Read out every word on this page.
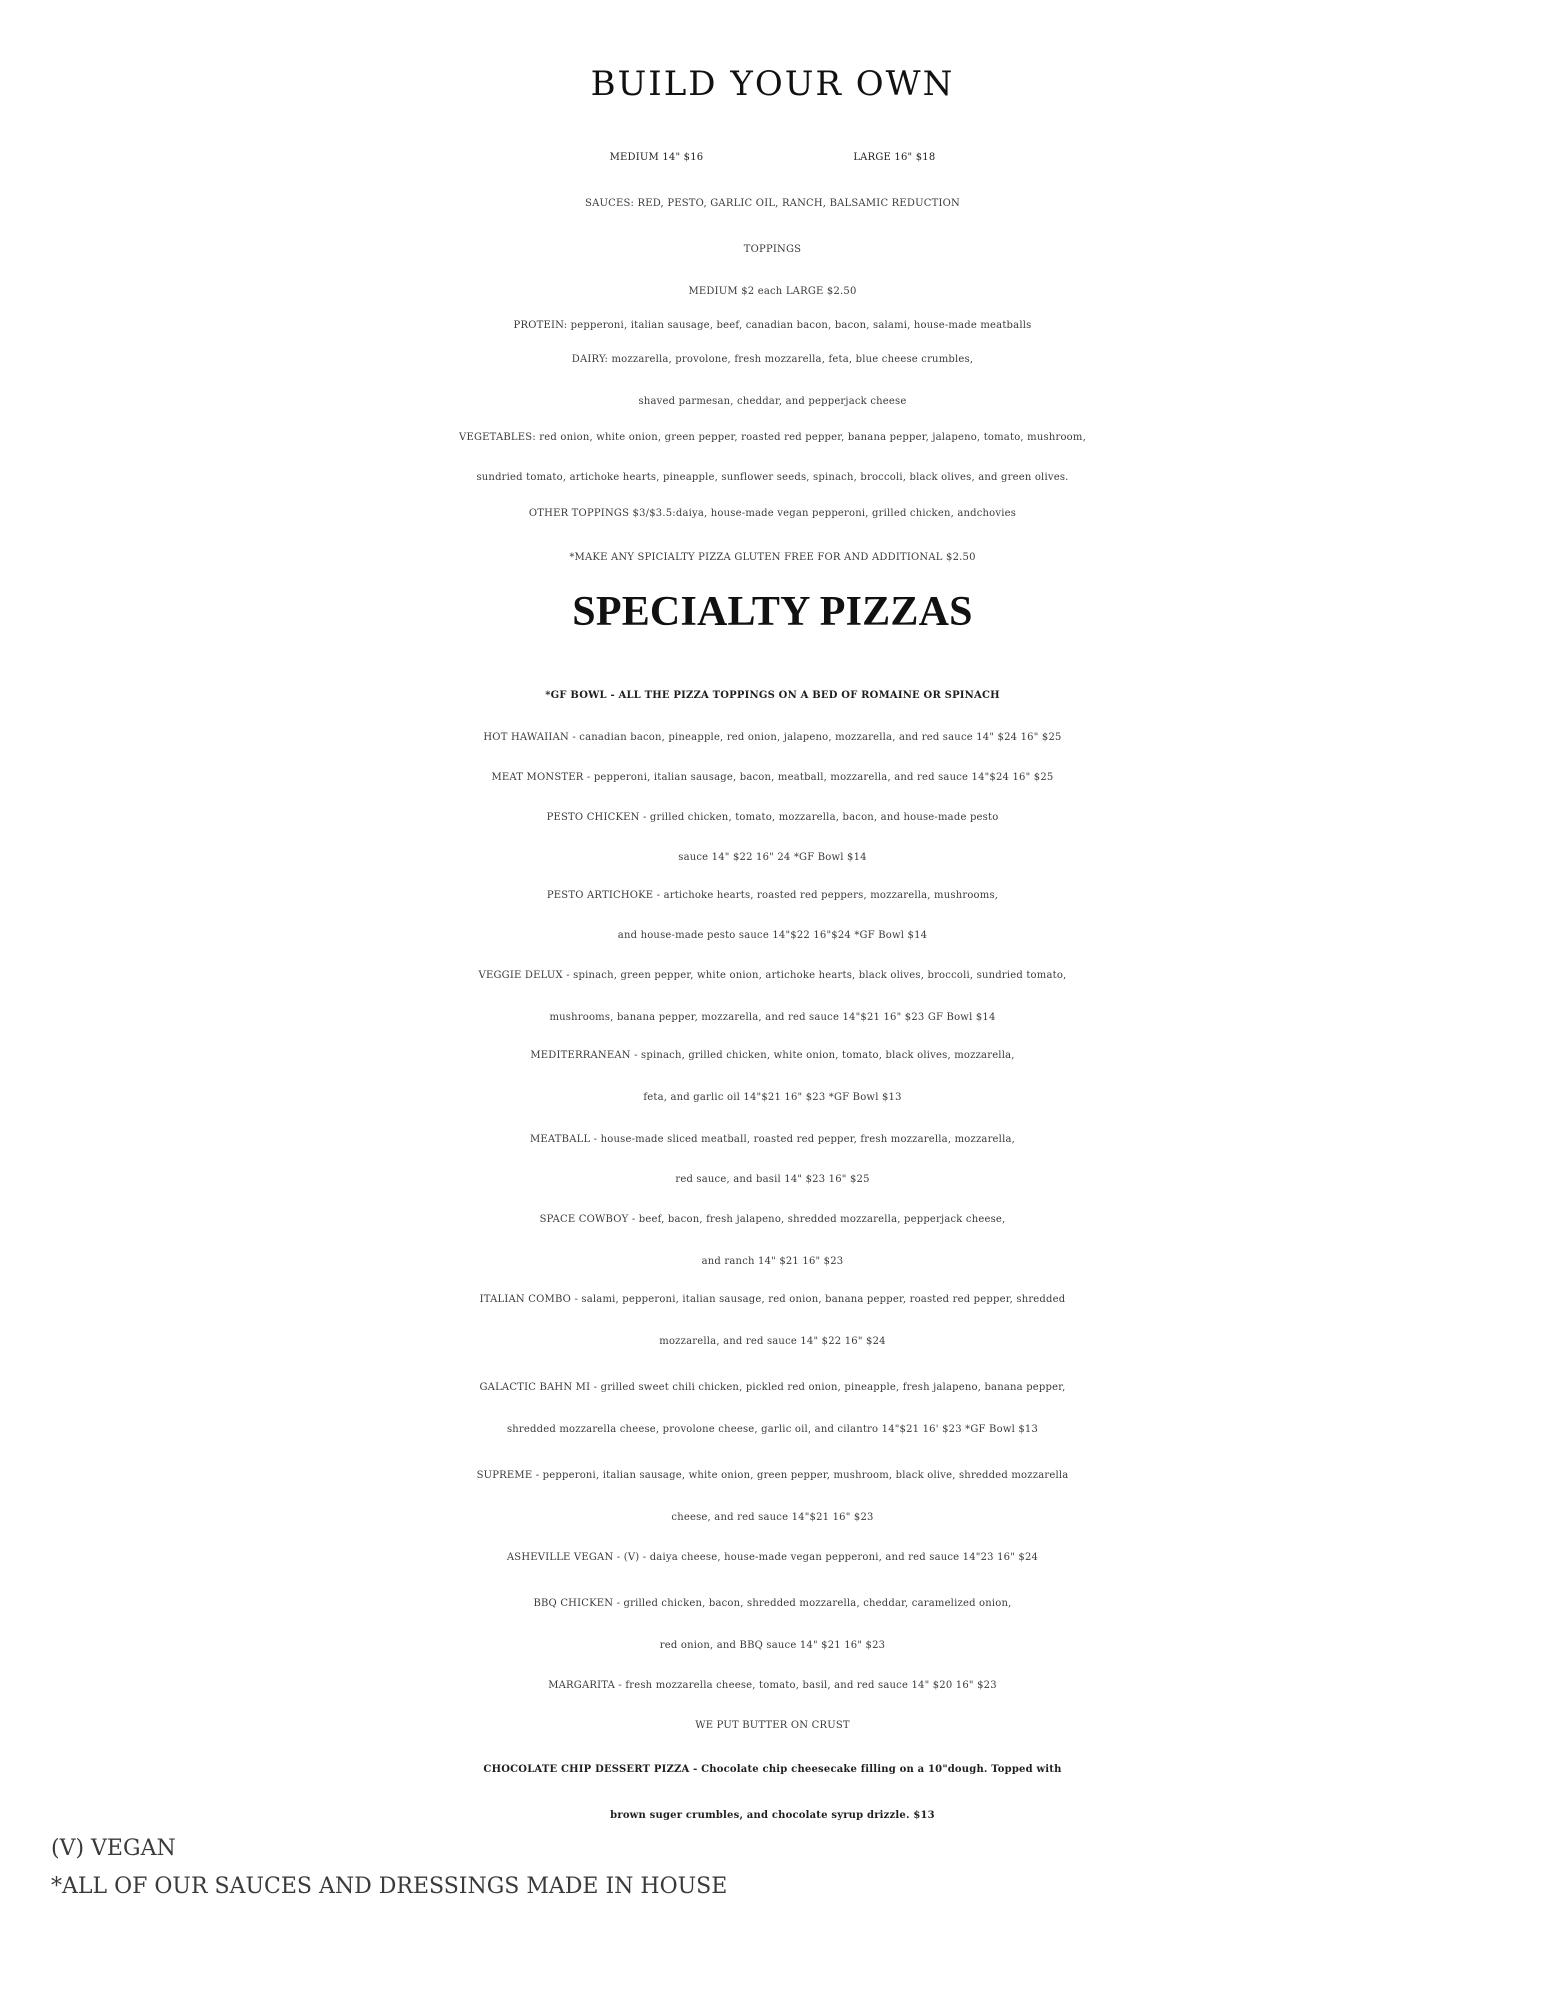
BUILD YOUR OWN
MEDIUM 14" $16	LARGE 16" $18
SAUCES: RED, PESTO, GARLIC OIL, RANCH, BALSAMIC REDUCTION
TOPPINGS
MEDIUM $2 each LARGE $2.50
PROTEIN: pepperoni, italian sausage, beef, canadian bacon, bacon, salami, house-made meatballs
DAIRY: mozzarella, provolone, fresh mozzarella, feta, blue cheese crumbles,
shaved parmesan, cheddar, and pepperjack cheese
VEGETABLES: red onion, white onion, green pepper, roasted red pepper, banana pepper, jalapeno, tomato, mushroom,
sundried tomato, artichoke hearts, pineapple, sunflower seeds, spinach, broccoli, black olives, and green olives.
OTHER TOPPINGS $3/$3.5:daiya, house-made vegan pepperoni, grilled chicken, andchovies
*MAKE ANY SPICIALTY PIZZA GLUTEN FREE FOR AND ADDITIONAL $2.50
SPECIALTY PIZZAS
*GF BOWL - ALL THE PIZZA TOPPINGS ON A BED OF ROMAINE OR SPINACH
HOT HAWAIIAN - canadian bacon, pineapple, red onion, jalapeno, mozzarella, and red sauce 14" $24 16" $25
MEAT MONSTER - pepperoni, italian sausage, bacon, meatball, mozzarella, and red sauce 14"$24 16" $25
PESTO CHICKEN - grilled chicken, tomato, mozzarella, bacon, and house-made pesto
sauce 14" $22 16" 24 *GF Bowl $14
PESTO ARTICHOKE - artichoke hearts, roasted red peppers, mozzarella, mushrooms,
and house-made pesto sauce 14"$22 16"$24 *GF Bowl $14
VEGGIE DELUX - spinach, green pepper, white onion, artichoke hearts, black olives, broccoli, sundried tomato,
mushrooms, banana pepper, mozzarella, and red sauce 14"$21 16" $23 GF Bowl $14
MEDITERRANEAN - spinach, grilled chicken, white onion, tomato, black olives, mozzarella,
feta, and garlic oil 14"$21 16" $23 *GF Bowl $13
MEATBALL - house-made sliced meatball, roasted red pepper, fresh mozzarella, mozzarella,
red sauce, and basil 14" $23 16" $25
SPACE COWBOY - beef, bacon, fresh jalapeno, shredded mozzarella, pepperjack cheese,
and ranch 14" $21 16" $23
ITALIAN COMBO - salami, pepperoni, italian sausage, red onion, banana pepper, roasted red pepper, shredded
mozzarella, and red sauce 14" $22 16" $24
GALACTIC BAHN MI - grilled sweet chili chicken, pickled red onion, pineapple, fresh jalapeno, banana pepper,
shredded mozzarella cheese, provolone cheese, garlic oil, and cilantro 14"$21 16' $23 *GF Bowl $13
SUPREME - pepperoni, italian sausage, white onion, green pepper, mushroom, black olive, shredded mozzarella
cheese, and red sauce 14"$21 16" $23
ASHEVILLE VEGAN - (V) - daiya cheese, house-made vegan pepperoni, and red sauce 14"23 16" $24
BBQ CHICKEN - grilled chicken, bacon, shredded mozzarella, cheddar, caramelized onion,
red onion, and BBQ sauce 14" $21 16" $23
MARGARITA - fresh mozzarella cheese, tomato, basil, and red sauce 14" $20 16" $23
WE PUT BUTTER ON CRUST
CHOCOLATE CHIP DESSERT PIZZA - Chocolate chip cheesecake filling on a 10"dough. Topped with
brown suger crumbles, and chocolate syrup drizzle. $13
(V) VEGAN
*ALL OF OUR SAUCES AND DRESSINGS MADE IN HOUSE
